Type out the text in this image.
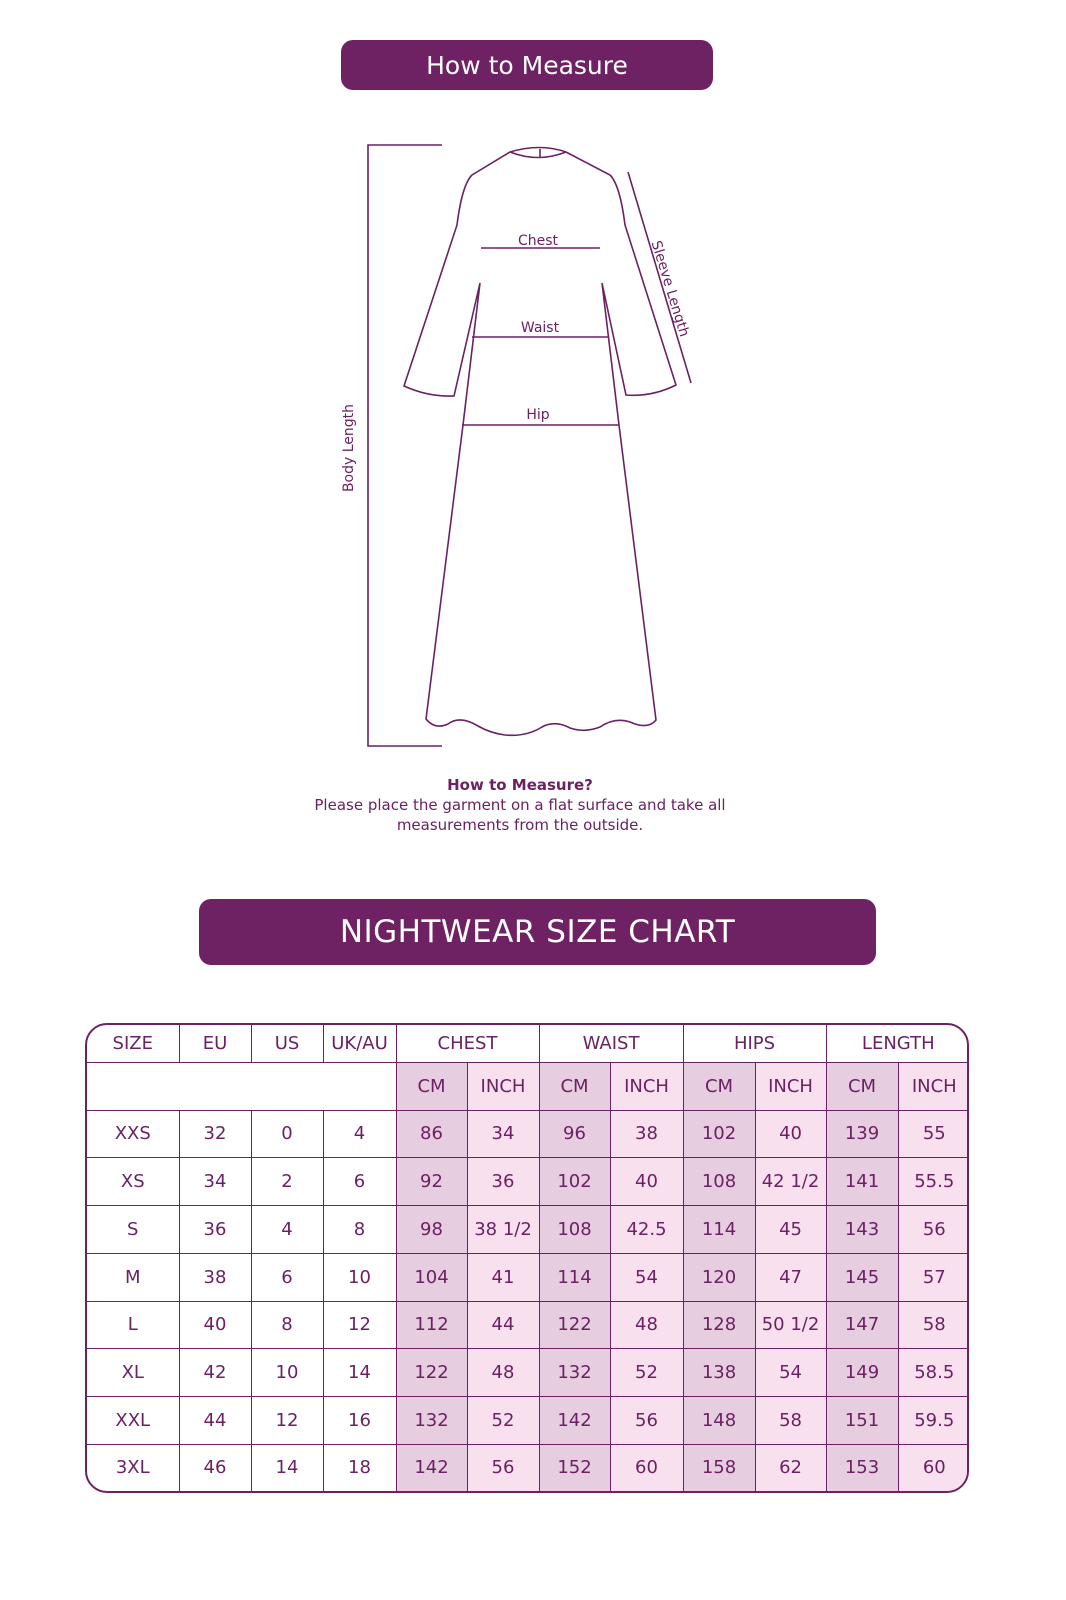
How to Measure
Chest
Waist
Hip
Sleeve Length
Body Length
How to Measure?
Please place the garment on a flat surface and take all
measurements from the outside.
NIGHTWEAR SIZE CHART
SIZE	EU	US	UK/AU	CHEST		WAIST		HIPS		LENGTH	
				CM	INCH	CM	INCH	CM	INCH	CM	INCH
XXS	32	0	4	86	34	96	38	102	40	139	55
XS	34	2	6	92	36	102	40	108	42 1/2	141	55.5
S	36	4	8	98	38 1/2	108	42.5	114	45	143	56
M	38	6	10	104	41	114	54	120	47	145	57
L	40	8	12	112	44	122	48	128	50 1/2	147	58
XL	42	10	14	122	48	132	52	138	54	149	58.5
XXL	44	12	16	132	52	142	56	148	58	151	59.5
3XL	46	14	18	142	56	152	60	158	62	153	60
